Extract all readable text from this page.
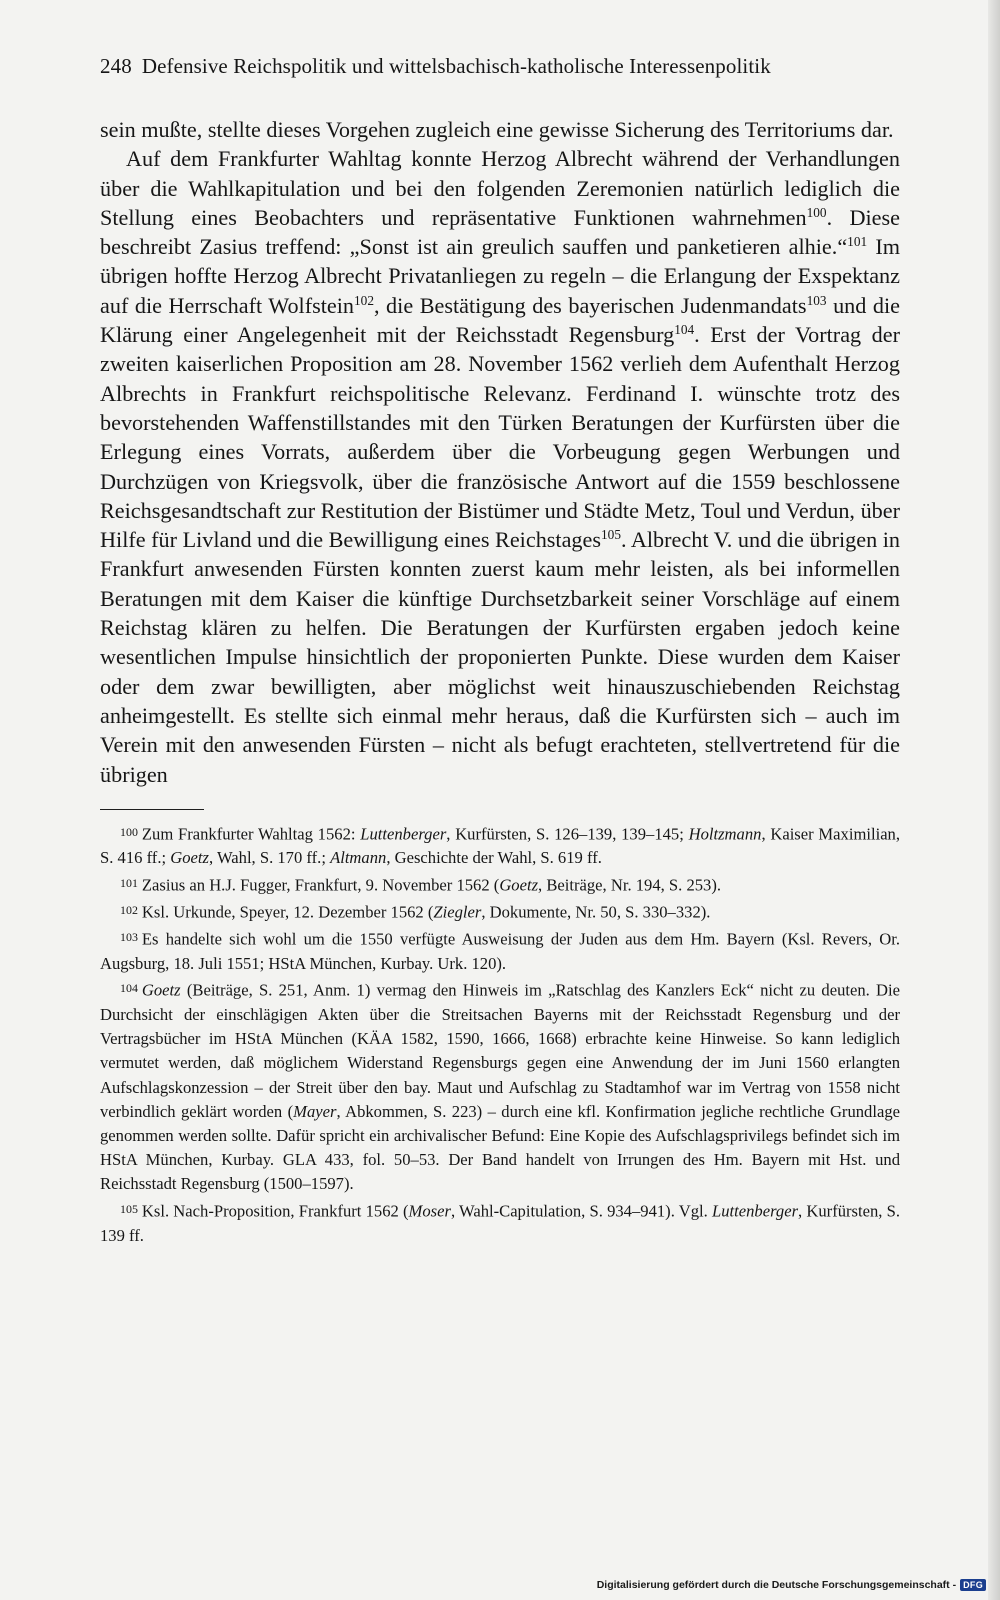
248 Defensive Reichspolitik und wittelsbachisch-katholische Interessenpolitik

sein mußte, stellte dieses Vorgehen zugleich eine gewisse Sicherung des Territoriums dar.

Auf dem Frankfurter Wahltag konnte Herzog Albrecht während der Verhandlungen über die Wahlkapitulation und bei den folgenden Zeremonien natürlich lediglich die Stellung eines Beobachters und repräsentative Funktionen wahrnehmen$^{100}$. Diese beschreibt Zasius treffend: „Sonst ist ain greulich sauffen und panketieren alhie.“$^{101}$ Im übrigen hoffte Herzog Albrecht Privatanliegen zu regeln – die Erlangung der Exspektanz auf die Herrschaft Wolfstein$^{102}$, die Bestätigung des bayerischen Judenmandats$^{103}$ und die Klärung einer Angelegenheit mit der Reichsstadt Regensburg$^{104}$. Erst der Vortrag der zweiten kaiserlichen Proposition am 28. November 1562 verlieh dem Aufenthalt Herzog Albrechts in Frankfurt reichspolitische Relevanz. Ferdinand I. wünschte trotz des bevorstehenden Waffenstillstandes mit den Türken Beratungen der Kurfürsten über die Erlegung eines Vorrats, außerdem über die Vorbeugung gegen Werbungen und Durchzügen von Kriegsvolk, über die französische Antwort auf die 1559 beschlossene Reichsgesandtschaft zur Restitution der Bistümer und Städte Metz, Toul und Verdun, über Hilfe für Livland und die Bewilligung eines Reichstages$^{105}$. Albrecht V. und die übrigen in Frankfurt anwesenden Fürsten konnten zuerst kaum mehr leisten, als bei informellen Beratungen mit dem Kaiser die künftige Durchsetzbarkeit seiner Vorschläge auf einem Reichstag klären zu helfen. Die Beratungen der Kurfürsten ergaben jedoch keine wesentlichen Impulse hinsichtlich der proponierten Punkte. Diese wurden dem Kaiser oder dem zwar bewilligten, aber möglichst weit hinauszuschiebenden Reichstag anheimgestellt. Es stellte sich einmal mehr heraus, daß die Kurfürsten sich – auch im Verein mit den anwesenden Fürsten – nicht als befugt erachteten, stellvertretend für die übrigen

$^{100}$ Zum Frankfurter Wahltag 1562: Luttenberger, Kurfürsten, S. 126–139, 139–145; Holtzmann, Kaiser Maximilian, S. 416 ff.; Goetz, Wahl, S. 170 ff.; Altmann, Geschichte der Wahl, S. 619 ff.

$^{101}$ Zasius an H.J. Fugger, Frankfurt, 9. November 1562 (Goetz, Beiträge, Nr. 194, S. 253).

$^{102}$ Ksl. Urkunde, Speyer, 12. Dezember 1562 (Ziegler, Dokumente, Nr. 50, S. 330–332).

$^{103}$ Es handelte sich wohl um die 1550 verfügte Ausweisung der Juden aus dem Hm. Bayern (Ksl. Revers, Or. Augsburg, 18. Juli 1551; HStA München, Kurbay. Urk. 120).

$^{104}$ Goetz (Beiträge, S. 251, Anm. 1) vermag den Hinweis im „Ratschlag des Kanzlers Eck“ nicht zu deuten. Die Durchsicht der einschlägigen Akten über die Streitsachen Bayerns mit der Reichsstadt Regensburg und der Vertragsbücher im HStA München (KÄA 1582, 1590, 1666, 1668) erbrachte keine Hinweise. So kann lediglich vermutet werden, daß möglichem Widerstand Regensburgs gegen eine Anwendung der im Juni 1560 erlangten Aufschlagskonzession – der Streit über den bay. Maut und Aufschlag zu Stadtamhof war im Vertrag von 1558 nicht verbindlich geklärt worden (Mayer, Abkommen, S. 223) – durch eine kfl. Konfirmation jegliche rechtliche Grundlage genommen werden sollte. Dafür spricht ein archivalischer Befund: Eine Kopie des Aufschlagsprivilegs befindet sich im HStA München, Kurbay. GLA 433, fol. 50–53. Der Band handelt von Irrungen des Hm. Bayern mit Hst. und Reichsstadt Regensburg (1500–1597).

$^{105}$ Ksl. Nach-Proposition, Frankfurt 1562 (Moser, Wahl-Capitulation, S. 934–941). Vgl. Luttenberger, Kurfürsten, S. 139 ff.

Digitalisierung gefördert durch die Deutsche Forschungsgemeinschaft - DFG
